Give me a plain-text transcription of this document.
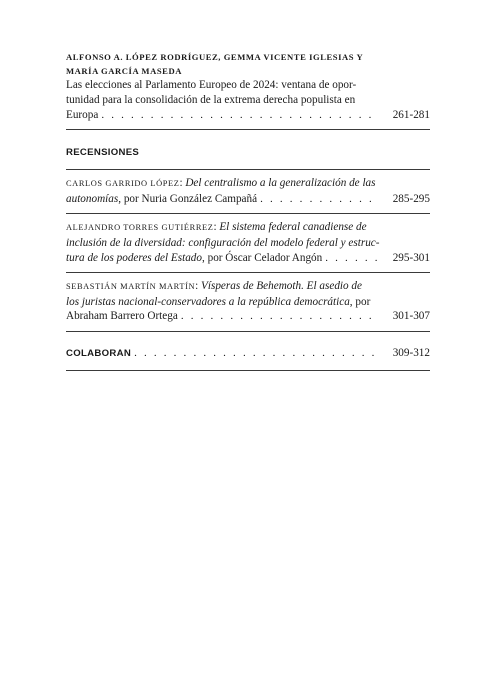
ALFONSO A. LÓPEZ RODRÍGUEZ, GEMMA VICENTE IGLESIAS Y
MARÍA GARCÍA MASEDA
Las elecciones al Parlamento Europeo de 2024: ventana de opor-
tunidad para la consolidación de la extrema derecha populista en
Europa . . .	261-281
RECENSIONES
CARLOS GARRIDO LÓPEZ: Del centralismo a la generalización de las
autonomías, por Nuria González Campañá . . .	285-295
ALEJANDRO TORRES GUTIÉRREZ: El sistema federal canadiense de
inclusión de la diversidad: configuración del modelo federal y estruc-
tura de los poderes del Estado, por Óscar Celador Angón . . .	295-301
SEBASTIÁN MARTÍN MARTÍN: Vísperas de Behemoth. El asedio de
los juristas nacional-conservadores a la república democrática, por
Abraham Barrero Ortega . . .	301-307
COLABORAN . . .	309-312
